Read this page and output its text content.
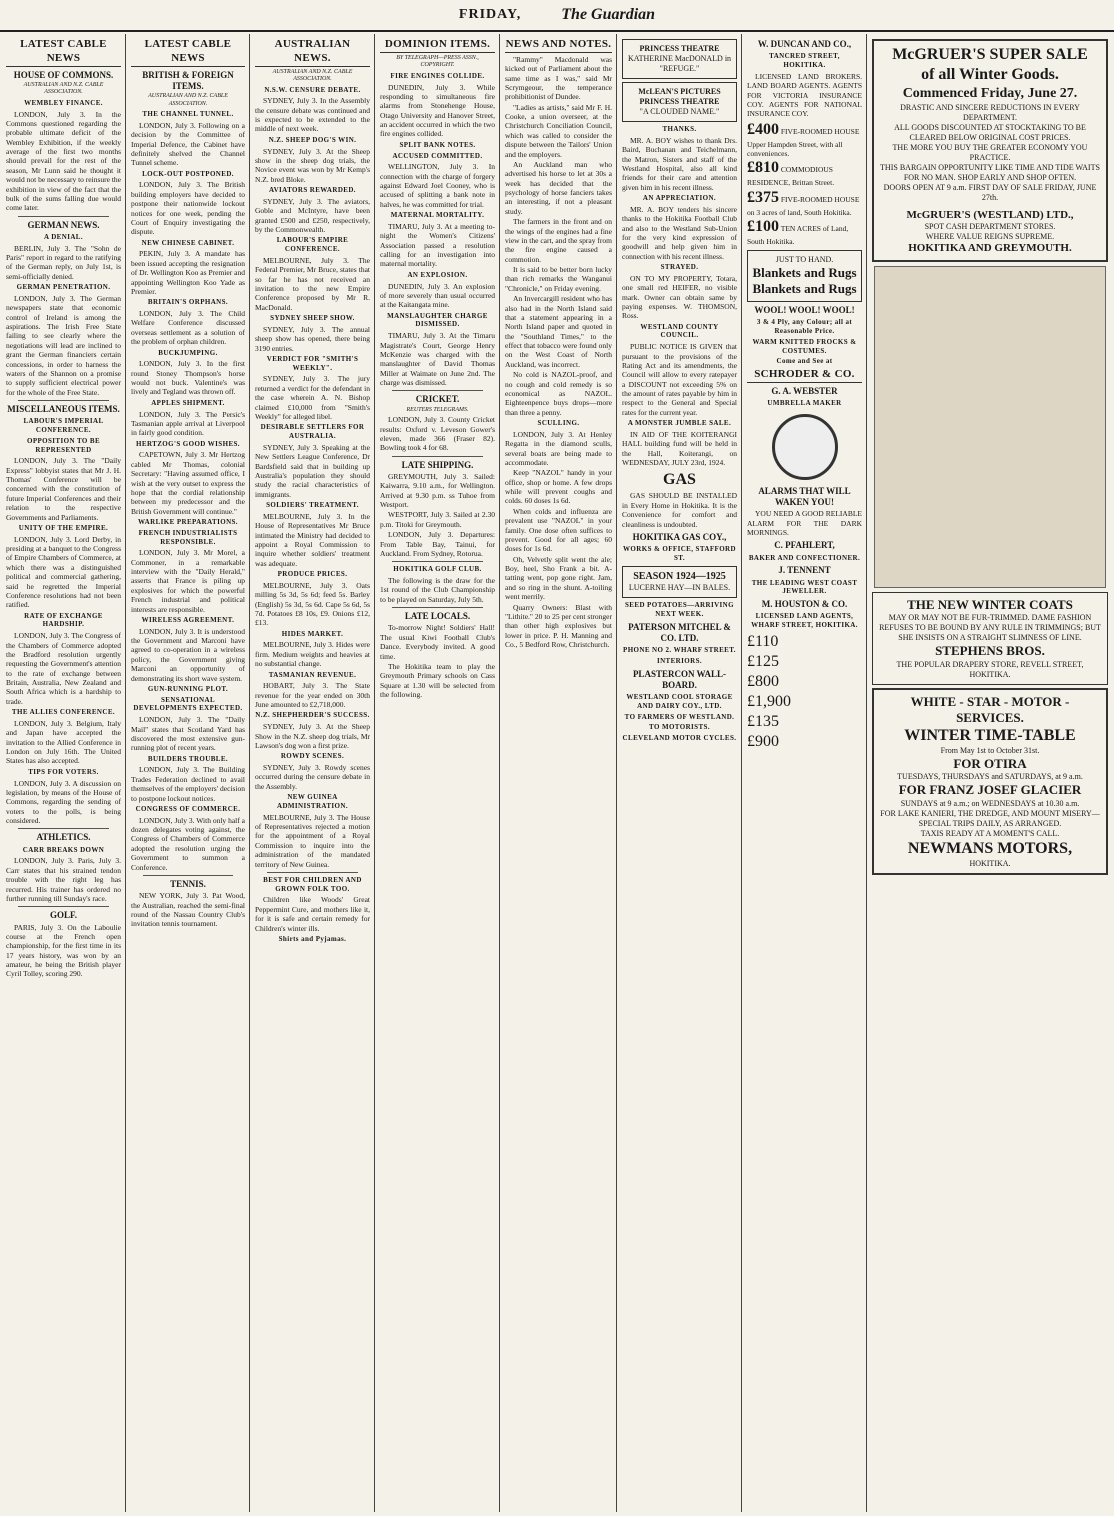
FRIDAY,	The Guardian
LATEST CABLE NEWS
HOUSE OF COMMONS.
AUSTRALIAN AND N.Z. CABLE ASSOCIATION.
WEMBLEY FINANCE.

LONDON, July 3. In the Commons questioned regarding the probable ultimate deficit of the Wembley Exhibition, if the weekly average of the first two months should prevail for the rest of the season, Mr Lunn said he thought it would not be necessary to reinsure the exhibition in view of the fact that the bulk of the sums falling due would come later.

GERMAN NEWS.
A DENIAL.

BERLIN, July 3. The "Sohn de Paris" report in regard to the ratifying of the German reply, on July 1st, is semi-officially denied.

GERMAN PENETRATION.

LONDON, July 3. The German newspapers state that economic control of Ireland is among the aspirations. The Irish Free State failing to see clearly where the negotiations will lead are inclined to grant the German financiers certain concessions, in order to harness the waters of the Shannon on a promise to supply sufficient electrical power for the whole of the Free State.

MISCELLANEOUS ITEMS.
LABOUR'S IMPERIAL CONFERENCE.
OPPOSITION TO BE REPRESENTED

LONDON, July 3. The "Daily Express" lobbyist states that Mr J. H. Thomas' Conference will be concerned with the constitution of future Imperial Conferences and their relation to the respective Governments and Parliaments.

UNITY OF THE EMPIRE.

LONDON, July 3. Lord Derby, in presiding at a banquet to the Congress of Empire Chambers of Commerce, at which there was a distinguished political and commercial gathering, said he regretted the Imperial Conference resolutions had not been ratified.

RATE OF EXCHANGE HARDSHIP.

LONDON, July 3. The Congress of the Chambers of Commerce adopted the Bradford resolution urgently requesting the Government's attention to the rate of exchange between Britain, Australia, New Zealand and South Africa which is a hardship to trade.

THE ALLIES CONFERENCE.

LONDON, July 3. Belgium, Italy and Japan have accepted the invitation to the Allied Conference in London on July 16th. The United States has also accepted.

TIPS FOR VOTERS.

LONDON, July 3. A discussion on legislation, by means of the House of Commons, regarding the sending of voters to the polls, is being considered.

ATHLETICS.
CARR BREAKS DOWN

LONDON, July 3. Paris, July 3. Carr states that his strained tendon trouble with the right leg has recurred. His trainer has ordered no further running till Sunday's race.

GOLF.

PARIS, July 3. On the Laboulie course at the French open championship, for the first time in its 17 years history, was won by an amateur, he being the British player Cyril Tolley, scoring 290.

LATEST CABLE NEWS
BRITISH & FOREIGN ITEMS.
AUSTRALIAN AND N.Z. CABLE ASSOCIATION.
THE CHANNEL TUNNEL.

LONDON, July 3. Following on a decision by the Committee of Imperial Defence, the Cabinet have definitely shelved the Channel Tunnel scheme.

LOCK-OUT POSTPONED.

LONDON, July 3. The British building employers have decided to postpone their nationwide lockout notices for one week, pending the Court of Enquiry investigating the dispute.

NEW CHINESE CABINET.

PEKIN, July 3. A mandate has been issued accepting the resignation of Dr. Wellington Koo as Premier and appointing Wellington Koo Yade as Premier.

BRITAIN'S ORPHANS.

LONDON, July 3. The Child Welfare Conference discussed overseas settlement as a solution of the problem of orphan children.

BUCKJUMPING.

LONDON, July 3. In the first round Stoney Thompson's horse would not buck. Valentine's was lively and Tegland was thrown off.

APPLES SHIPMENT.

LONDON, July 3. The Persic's Tasmanian apple arrival at Liverpool in fairly good condition.

HERTZOG'S GOOD WISHES.

CAPETOWN, July 3. Mr Hertzog cabled Mr Thomas, colonial Secretary: "Having assumed office, I wish at the very outset to express the hope that the cordial relationship between my predecessor and the British Government will continue."

WARLIKE PREPARATIONS.
FRENCH INDUSTRIALISTS RESPONSIBLE.

LONDON, July 3. Mr Morel, a Commoner, in a remarkable interview with the "Daily Herald," asserts that France is piling up explosives for which the powerful French industrial and political interests are responsible.

WIRELESS AGREEMENT.

LONDON, July 3. It is understood the Government and Marconi have agreed to co-operation in a wireless policy, the Government giving Marconi an opportunity of demonstrating its short wave system.

GUN-RUNNING PLOT.
SENSATIONAL DEVELOPMENTS EXPECTED.

LONDON, July 3. The "Daily Mail" states that Scotland Yard has discovered the most extensive gun-running plot of recent years.

BUILDERS TROUBLE.

LONDON, July 3. The Building Trades Federation declined to avail themselves of the employers' decision to postpone lockout notices.

CONGRESS OF COMMERCE.

LONDON, July 3. With only half a dozen delegates voting against, the Congress of Chambers of Commerce adopted the resolution urging the Government to summon a Conference.

TENNIS.

NEW YORK, July 3. Pat Wood, the Australian, reached the semi-final round of the Nassau Country Club's invitation tennis tournament.

AUSTRALIAN NEWS.
AUSTRALIAN AND N.Z. CABLE ASSOCIATION.
N.S.W. CENSURE DEBATE.

SYDNEY, July 3. In the Assembly the censure debate was continued and is expected to be extended to the middle of next week.

N.Z. SHEEP DOG'S WIN.

SYDNEY, July 3. At the Sheep show in the sheep dog trials, the Novice event was won by Mr Kemp's N.Z. bred Bloke.

AVIATORS REWARDED.

SYDNEY, July 3. The aviators, Goble and McIntyre, have been granted £500 and £250, respectively, by the Commonwealth.

LABOUR'S EMPIRE CONFERENCE.

MELBOURNE, July 3. The Federal Premier, Mr Bruce, states that so far he has not received an invitation to the new Empire Conference proposed by Mr R. MacDonald.

SYDNEY SHEEP SHOW.

SYDNEY, July 3. The annual sheep show has opened, there being 3190 entries.

VERDICT FOR "SMITH'S WEEKLY".

SYDNEY, July 3. The jury returned a verdict for the defendant in the case wherein A. N. Bishop claimed £10,000 from "Smith's Weekly" for alleged libel.

DESIRABLE SETTLERS FOR AUSTRALIA.

SYDNEY, July 3. Speaking at the New Settlers League Conference, Dr Bardsfield said that in building up Australia's population they should study the racial characteristics of immigrants.

SOLDIERS' TREATMENT.

MELBOURNE, July 3. In the House of Representatives Mr Bruce intimated the Ministry had decided to appoint a Royal Commission to inquire whether soldiers' treatment was adequate.

PRODUCE PRICES.

MELBOURNE, July 3. Oats milling 5s 3d, 5s 6d; feed 5s. Barley (English) 5s 3d, 5s 6d. Cape 5s 6d, 5s 7d. Potatoes £8 10s, £9. Onions £12, £13.

HIDES MARKET.

MELBOURNE, July 3. Hides were firm. Medium weights and heavies at no substantial change.

TASMANIAN REVENUE.

HOBART, July 3. The State revenue for the year ended on 30th June amounted to £2,718,000.

N.Z. SHEPHERDER'S SUCCESS.

SYDNEY, July 3. At the Sheep Show in the N.Z. sheep dog trials, Mr Lawson's dog won a first prize.

ROWDY SCENES.

SYDNEY, July 3. Rowdy scenes occurred during the censure debate in the Assembly.

NEW GUINEA ADMINISTRATION.

MELBOURNE, July 3. The House of Representatives rejected a motion for the appointment of a Royal Commission to inquire into the administration of the mandated territory of New Guinea.

BEST FOR CHILDREN AND GROWN FOLK TOO.

Children like Woods' Great Peppermint Cure, and mothers like it, for it is safe and certain remedy for Children's winter ills.

Shirts and Pyjamas.
DOMINION ITEMS.
BY TELEGRAPH—PRESS ASSN., COPYRIGHT.
FIRE ENGINES COLLIDE.

DUNEDIN, July 3. While responding to simultaneous fire alarms from Stonehenge House, Otago University and Hanover Street, an accident occurred in which the two fire engines collided.

SPLIT BANK NOTES.
ACCUSED COMMITTED.

WELLINGTON, July 3. In connection with the charge of forgery against Edward Joel Cooney, who is accused of splitting a bank note in halves, he was committed for trial.

MATERNAL MORTALITY.

TIMARU, July 3. At a meeting to-night the Women's Citizens' Association passed a resolution calling for an investigation into maternal mortality.

AN EXPLOSION.

DUNEDIN, July 3. An explosion of more severely than usual occurred at the Kaitangata mine.

MANSLAUGHTER CHARGE DISMISSED.

TIMARU, July 3. At the Timaru Magistrate's Court, George Henry McKenzie was charged with the manslaughter of David Thomas Miller at Waimate on June 2nd. The charge was dismissed.

CRICKET.
REUTERS TELEGRAMS.

LONDON, July 3. County Cricket results: Oxford v. Leveson Gower's eleven, made 366 (Fraser 82). Bowling took 4 for 68.

LATE SHIPPING.

GREYMOUTH, July 3. Sailed: Kaiwarra, 9.10 a.m., for Wellington. Arrived at 9.30 p.m. ss Tuhoe from Westport.

WESTPORT, July 3. Sailed at 2.30 p.m. Titoki for Greymouth.

LONDON, July 3. Departures: From Table Bay, Tainui, for Auckland. From Sydney, Rotorua.

HOKITIKA GOLF CLUB.

The following is the draw for the 1st round of the Club Championship to be played on Saturday, July 5th.

LATE LOCALS.

To-morrow Night! Soldiers' Hall! The usual Kiwi Football Club's Dance. Everybody invited. A good time.

The Hokitika team to play the Greymouth Primary schools on Cass Square at 1.30 will be selected from the following.

NEWS AND NOTES.

"Rammy" Macdonald was kicked out of Parliament about the same time as I was," said Mr Scrymgeour, the temperance prohibitionist of Dundee.

"Ladies as artists," said Mr F. H. Cooke, a union overseer, at the Christchurch Conciliation Council, which was called to consider the dispute between the Tailors' Union and the employers.

An Auckland man who advertised his horse to let at 30s a week has decided that the psychology of horse fanciers takes an interesting, if not a pleasant study.

The farmers in the front and on the wings of the engines had a fine view in the cart, and the spray from the fire engine caused a commotion.

It is said to be better born lucky than rich remarks the Wanganui "Chronicle," on Friday evening.

An Invercargill resident who has also had in the North Island said that a statement appearing in a North Island paper and quoted in the "Southland Times," to the effect that tobacco were found only on the West Coast of North Auckland, was incorrect.

No cold is NAZOL-proof, and no cough and cold remedy is so economical as NAZOL. Eighteenpence buys drops—more than three a penny.

SCULLING.

LONDON, July 3. At Henley Regatta in the diamond sculls, several boats are being made to accommodate.

Keep "NAZOL" handy in your office, shop or home. A few drops while will prevent coughs and colds. 60 doses 1s 6d.

When colds and influenza are prevalent use "NAZOL" in your family. One dose often suffices to prevent. Good for all ages; 60 doses for 1s 6d.

Oh, Velvetly split went the ale; Boy, heel, Sho Frank a bit. A-tatting went, pop gone right. Jam, and so ring in the shunt. A-toiling went merrily.

Quarry Owners: Blast with "Lithite." 20 to 25 per cent stronger than other high explosives but lower in price. P. H. Manning and Co., 5 Bedford Row, Christchurch.

PRINCESS THEATRE
KATHERINE MacDONALD in "REFUGE."
McLEAN'S PICTURES PRINCESS THEATRE
"A CLOUDED NAME."
THANKS.

MR. A. BOY wishes to thank Drs. Baird, Buchanan and Teichelmann, the Matron, Sisters and staff of the Westland Hospital, also all kind friends for their care and attention given him in his recent illness.

AN APPRECIATION.

MR. A. BOY tenders his sincere thanks to the Hokitika Football Club and also to the Westland Sub-Union for the very kind expression of goodwill and help given him in connection with his recent illness.

STRAYED.

ON TO MY PROPERTY, Totara, one small red HEIFER, no visible mark. Owner can obtain same by paying expenses. W. THOMSON, Ross.

WESTLAND COUNTY COUNCIL.

PUBLIC NOTICE IS GIVEN that pursuant to the provisions of the Rating Act and its amendments, the Council will allow to every ratepayer a DISCOUNT not exceeding 5% on the amount of rates payable by him in respect to the General and Special rates for the current year.

A MONSTER JUMBLE SALE.

IN AID OF THE KOITERANGI HALL building fund will be held in the Hall, Koiterangi, on WEDNESDAY, JULY 23rd, 1924.

GAS

GAS SHOULD BE INSTALLED in Every Home in Hokitika. It is the Convenience for comfort and cleanliness is undoubted.

HOKITIKA GAS COY.,
WORKS & OFFICE, STAFFORD ST.
SEASON 1924—1925
LUCERNE HAY—IN BALES.
SEED POTATOES—ARRIVING NEXT WEEK.
PATERSON MITCHEL & CO. LTD.
PHONE NO 2. WHARF STREET.
INTERIORS.
PLASTERCON WALL-BOARD.
WESTLAND COOL STORAGE AND DAIRY COY., LTD.
TO FARMERS OF WESTLAND.
TO MOTORISTS.
CLEVELAND MOTOR CYCLES.
W. DUNCAN AND CO.,
TANCRED STREET, HOKITIKA.

LICENSED LAND BROKERS. LAND BOARD AGENTS. AGENTS FOR VICTORIA INSURANCE COY. AGENTS FOR NATIONAL INSURANCE COY.

£400 FIVE-ROOMED HOUSE Upper Hampden Street, with all conveniences.
£810 COMMODIOUS RESIDENCE, Brittan Street.
£375 FIVE-ROOMED HOUSE on 3 acres of land, South Hokitika.
£100 TEN ACRES of Land, South Hokitika.
JUST TO HAND.
Blankets and Rugs
Blankets and Rugs
WOOL! WOOL! WOOL!
3 & 4 Ply, any Colour; all at Reasonable Price.
WARM KNITTED FROCKS & COSTUMES.
Come and See at
SCHRODER & CO.
G. A. WEBSTER
UMBRELLA MAKER
ALARMS THAT WILL WAKEN YOU!

YOU NEED A GOOD RELIABLE ALARM FOR THE DARK MORNINGS.

C. PFAHLERT,
BAKER AND CONFECTIONER.
J. TENNENT
THE LEADING WEST COAST JEWELLER.
M. HOUSTON & CO.
LICENSED LAND AGENTS, WHARF STREET, HOKITIKA.
£110
£125
£800
£1,900
£135
£900
McGRUER'S SUPER SALE
of all Winter Goods.
Commenced Friday, June 27.
DRASTIC AND SINCERE REDUCTIONS IN EVERY DEPARTMENT.
ALL GOODS DISCOUNTED AT STOCKTAKING TO BE CLEARED BELOW ORIGINAL COST PRICES.
THE MORE YOU BUY THE GREATER ECONOMY YOU PRACTICE.
THIS BARGAIN OPPORTUNITY LIKE TIME AND TIDE WAITS FOR NO MAN. SHOP EARLY AND SHOP OFTEN.
DOORS OPEN AT 9 a.m. FIRST DAY OF SALE FRIDAY, JUNE 27th.
McGRUER'S (WESTLAND) LTD.,
SPOT CASH DEPARTMENT STORES.
WHERE VALUE REIGNS SUPREME.
HOKITIKA AND GREYMOUTH.
THE NEW WINTER COATS
MAY OR MAY NOT BE FUR-TRIMMED. DAME FASHION REFUSES TO BE BOUND BY ANY RULE IN TRIMMINGS; BUT SHE INSISTS ON A STRAIGHT SLIMNESS OF LINE.
STEPHENS BROS.
THE POPULAR DRAPERY STORE, REVELL STREET, HOKITIKA.
WHITE - STAR - MOTOR - SERVICES.
WINTER TIME-TABLE
From May 1st to October 31st.
FOR OTIRA
TUESDAYS, THURSDAYS and SATURDAYS, at 9 a.m.
FOR FRANZ JOSEF GLACIER
SUNDAYS at 9 a.m.; on WEDNESDAYS at 10.30 a.m.
FOR LAKE KANIERI, THE DREDGE, AND MOUNT MISERY—SPECIAL TRIPS DAILY, AS ARRANGED.
TAXIS READY AT A MOMENT'S CALL.
NEWMANS MOTORS,
HOKITIKA.
